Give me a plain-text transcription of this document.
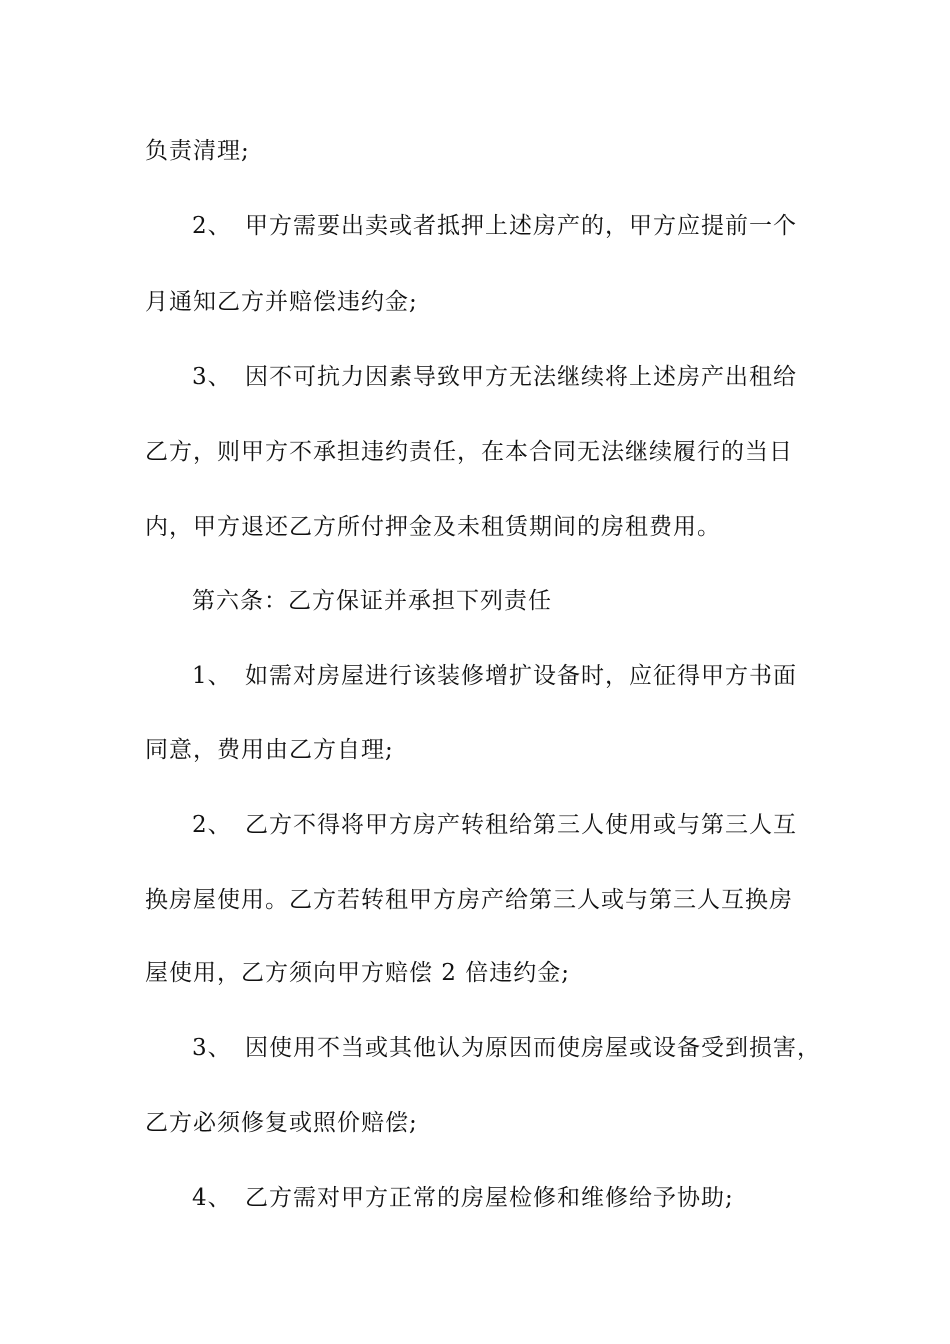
负责清理;
2、 甲方需要出卖或者抵押上述房产的，甲方应提前一个
月通知乙方并赔偿违约金;
3、 因不可抗力因素导致甲方无法继续将上述房产出租给
乙方，则甲方不承担违约责任，在本合同无法继续履行的当日
内，甲方退还乙方所付押金及未租赁期间的房租费用。
第六条：乙方保证并承担下列责任
1、 如需对房屋进行该装修增扩设备时，应征得甲方书面
同意，费用由乙方自理;
2、 乙方不得将甲方房产转租给第三人使用或与第三人互
换房屋使用。乙方若转租甲方房产给第三人或与第三人互换房
屋使用，乙方须向甲方赔偿 2 倍违约金;
3、 因使用不当或其他认为原因而使房屋或设备受到损害，
乙方必须修复或照价赔偿;
4、 乙方需对甲方正常的房屋检修和维修给予协助;
